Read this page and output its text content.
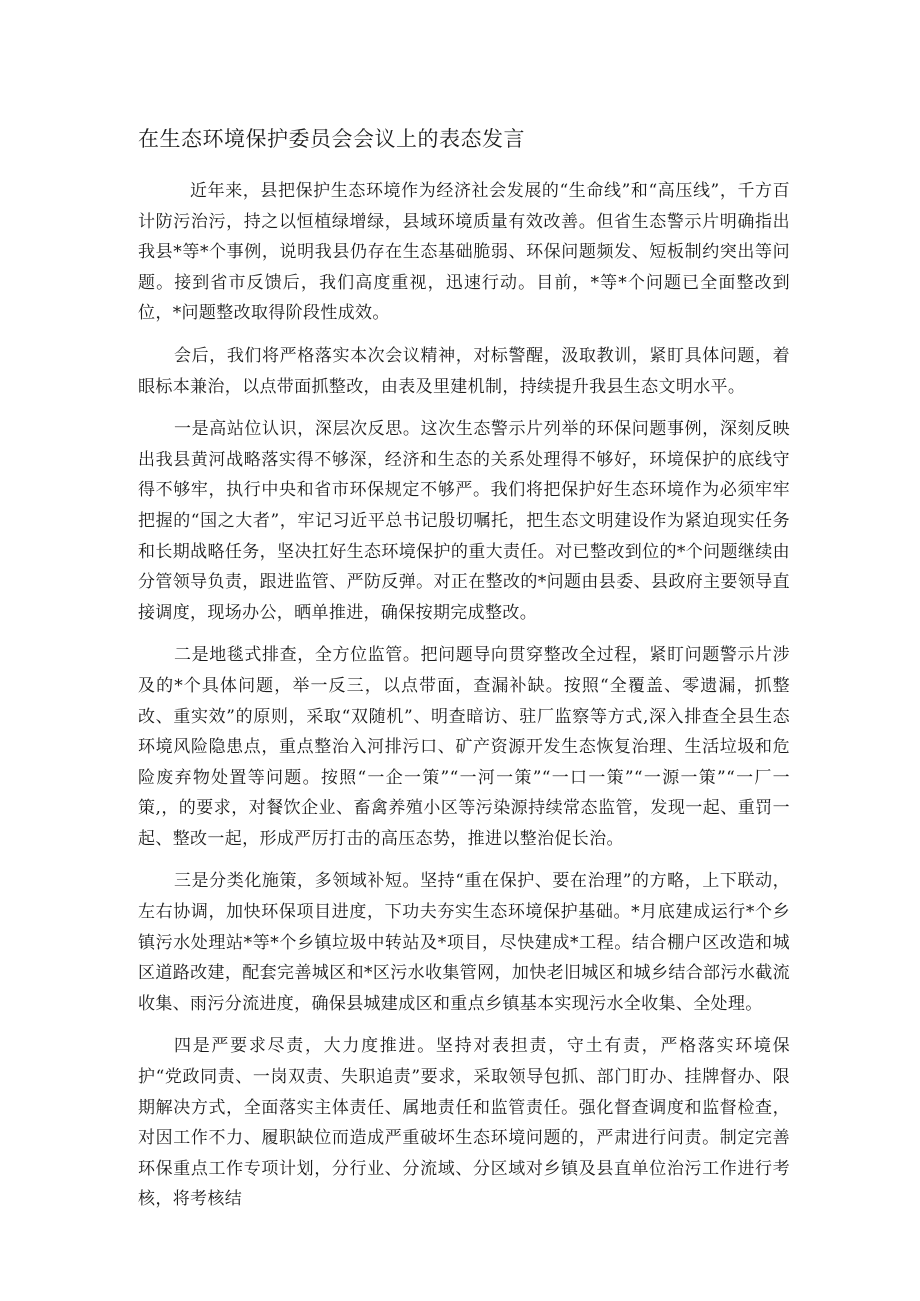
在生态环境保护委员会会议上的表态发言

近年来，县把保护生态环境作为经济社会发展的“生命线”和“高压线”，千方百计防污治污，持之以恒植绿增绿，县域环境质量有效改善。但省生态警示片明确指出我县*等*个事例，说明我县仍存在生态基础脆弱、环保问题频发、短板制约突出等问题。接到省市反馈后，我们高度重视，迅速行动。目前，*等*个问题已全面整改到位，*问题整改取得阶段性成效。

会后，我们将严格落实本次会议精神，对标警醒，汲取教训，紧盯具体问题，着眼标本兼治，以点带面抓整改，由表及里建机制，持续提升我县生态文明水平。

一是高站位认识，深层次反思。这次生态警示片列举的环保问题事例，深刻反映出我县黄河战略落实得不够深，经济和生态的关系处理得不够好，环境保护的底线守得不够牢，执行中央和省市环保规定不够严。我们将把保护好生态环境作为必须牢牢把握的“国之大者”，牢记习近平总书记殷切嘱托，把生态文明建设作为紧迫现实任务和长期战略任务，坚决扛好生态环境保护的重大责任。对已整改到位的*个问题继续由分管领导负责，跟进监管、严防反弹。对正在整改的*问题由县委、县政府主要领导直接调度，现场办公，晒单推进，确保按期完成整改。

二是地毯式排查，全方位监管。把问题导向贯穿整改全过程，紧盯问题警示片涉及的*个具体问题，举一反三，以点带面，查漏补缺。按照“全覆盖、零遗漏，抓整改、重实效”的原则，采取“双随机”、明查暗访、驻厂监察等方式,深入排查全县生态环境风险隐患点，重点整治入河排污口、矿产资源开发生态恢复治理、生活垃圾和危险废弃物处置等问题。按照“一企一策”“一河一策”“一口一策”“一源一策”“一厂一策,，的要求，对餐饮企业、畜禽养殖小区等污染源持续常态监管，发现一起、重罚一起、整改一起，形成严厉打击的高压态势，推进以整治促长治。

三是分类化施策，多领域补短。坚持“重在保护、要在治理”的方略，上下联动，左右协调，加快环保项目进度，下功夫夯实生态环境保护基础。*月底建成运行*个乡镇污水处理站*等*个乡镇垃圾中转站及*项目，尽快建成*工程。结合棚户区改造和城区道路改建，配套完善城区和*区污水收集管网，加快老旧城区和城乡结合部污水截流收集、雨污分流进度，确保县城建成区和重点乡镇基本实现污水全收集、全处理。

四是严要求尽责，大力度推进。坚持对表担责，守土有责，严格落实环境保护“党政同责、一岗双责、失职追责”要求，采取领导包抓、部门盯办、挂牌督办、限期解决方式，全面落实主体责任、属地责任和监管责任。强化督查调度和监督检查，对因工作不力、履职缺位而造成严重破坏生态环境问题的，严肃进行问责。制定完善环保重点工作专项计划，分行业、分流域、分区域对乡镇及县直单位治污工作进行考核，将考核结
